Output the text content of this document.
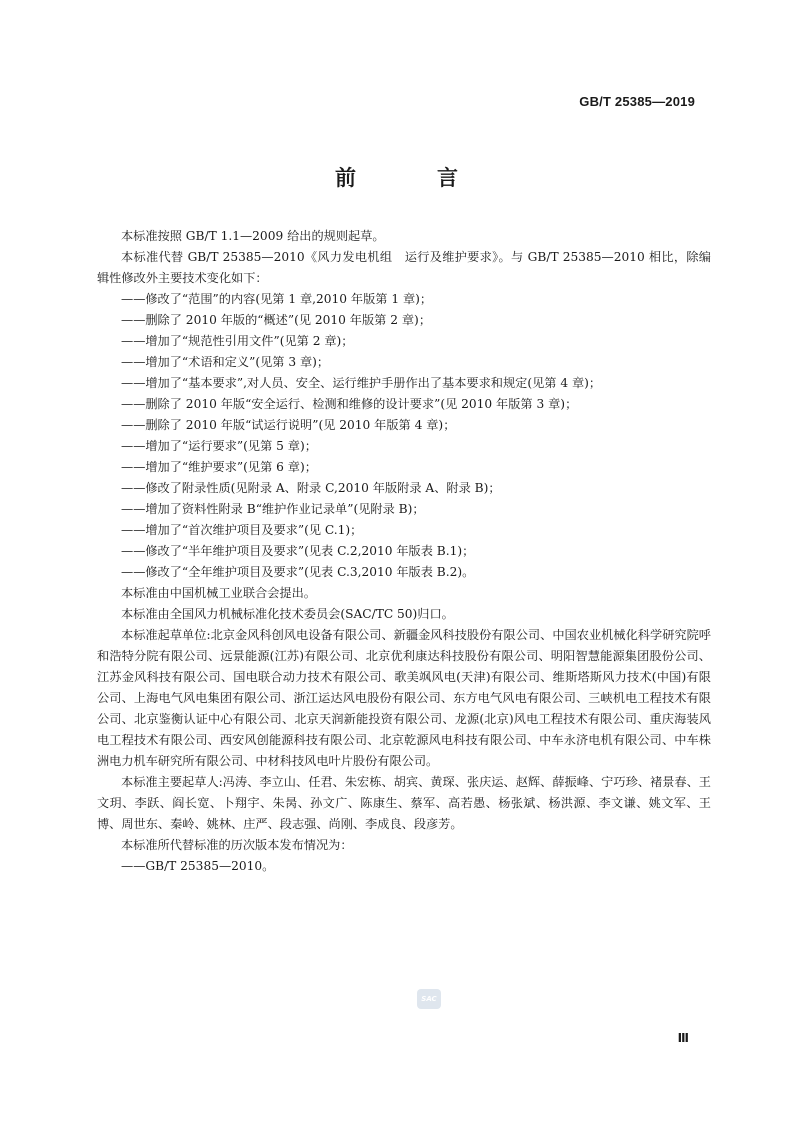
GB/T 25385—2019
前　言

本标准按照 GB/T 1.1—2009 给出的规则起草。

本标准代替 GB/T 25385—2010《风力发电机组　运行及维护要求》。与 GB/T 25385—2010 相比，除编辑性修改外主要技术变化如下：

——修改了“范围”的内容(见第 1 章,2010 年版第 1 章)；

——删除了 2010 年版的“概述”(见 2010 年版第 2 章)；

——增加了“规范性引用文件”(见第 2 章)；

——增加了“术语和定义”(见第 3 章)；

——增加了“基本要求”,对人员、安全、运行维护手册作出了基本要求和规定(见第 4 章)；

——删除了 2010 年版“安全运行、检测和维修的设计要求”(见 2010 年版第 3 章)；

——删除了 2010 年版“试运行说明”(见 2010 年版第 4 章)；

——增加了“运行要求”(见第 5 章)；

——增加了“维护要求”(见第 6 章)；

——修改了附录性质(见附录 A、附录 C,2010 年版附录 A、附录 B)；

——增加了资料性附录 B“维护作业记录单”(见附录 B)；

——增加了“首次维护项目及要求”(见 C.1)；

——修改了“半年维护项目及要求”(见表 C.2,2010 年版表 B.1)；

——修改了“全年维护项目及要求”(见表 C.3,2010 年版表 B.2)。

本标准由中国机械工业联合会提出。

本标准由全国风力机械标准化技术委员会(SAC/TC 50)归口。

本标准起草单位:北京金风科创风电设备有限公司、新疆金风科技股份有限公司、中国农业机械化科学研究院呼和浩特分院有限公司、远景能源(江苏)有限公司、北京优利康达科技股份有限公司、明阳智慧能源集团股份公司、江苏金风科技有限公司、国电联合动力技术有限公司、歌美飒风电(天津)有限公司、维斯塔斯风力技术(中国)有限公司、上海电气风电集团有限公司、浙江运达风电股份有限公司、东方电气风电有限公司、三峡机电工程技术有限公司、北京鉴衡认证中心有限公司、北京天润新能投资有限公司、龙源(北京)风电工程技术有限公司、重庆海装风电工程技术有限公司、西安风创能源科技有限公司、北京乾源风电科技有限公司、中车永济电机有限公司、中车株洲电力机车研究所有限公司、中材科技风电叶片股份有限公司。

本标准主要起草人:冯涛、李立山、任君、朱宏栋、胡宾、黄琛、张庆运、赵辉、薛振峰、宁巧珍、褚景春、王文玥、李跃、阎长宽、卜翔宇、朱昺、孙文广、陈康生、蔡军、高若愚、杨张斌、杨洪源、李文谦、姚文军、王博、周世东、秦岭、姚林、庄严、段志强、尚刚、李成良、段彦芳。

本标准所代替标准的历次版本发布情况为：

——GB/T 25385—2010。

SAC
Ⅲ
